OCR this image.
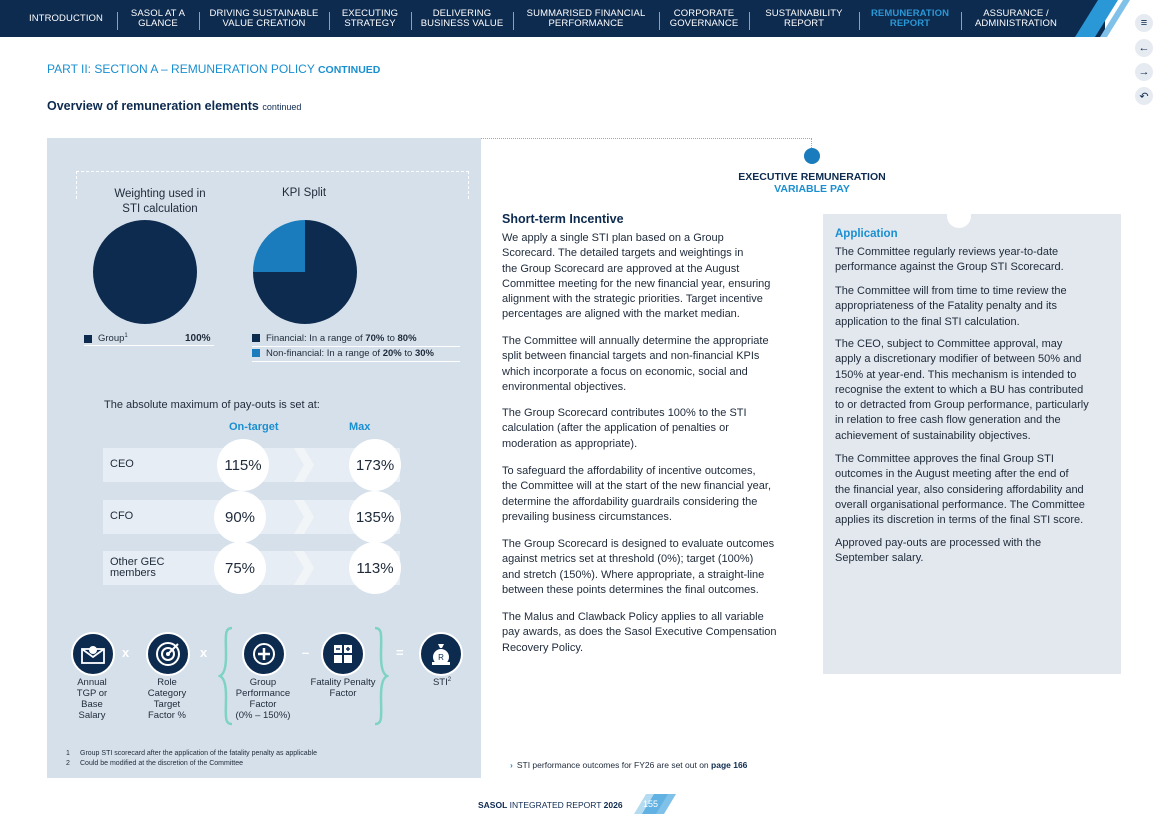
INTRODUCTION	SASOL AT A
GLANCE
DRIVING SUSTAINABLE
VALUE CREATION
EXECUTING
STRATEGY
DELIVERING
BUSINESS VALUE
SUMMARISED FINANCIAL
PERFORMANCE
CORPORATE
GOVERNANCE
SUSTAINABILITY
REPORT
REMUNERATION
REPORT
ASSURANCE /
ADMINISTRATION	≡
←
→
↶
PART II: SECTION A – REMUNERATION POLICY CONTINUED
Overview of remuneration elements continued
Weighting used in
STI calculation
KPI Split
Group$^1$	100%	Financial: In a range of 70% to 80%
Non-financial: In a range of 20% to 30%
The absolute maximum of pay-outs is set at:
On-target	Max
CEO	115%	173%
CFO	90%	135%
Other GEC
members	75%	113%
x	x	–	=	R
Annual
TGP or
Base
Salary
Role
Category
Target
Factor %
Group
Performance
Factor
(0% – 150%)
Fatality Penalty
Factor
STI$^2$
1 Group STI scorecard after the application of the fatality penalty as applicable
2 Could be modified at the discretion of the Committee
EXECUTIVE REMUNERATION
VARIABLE PAY
Short-term Incentive
We apply a single STI plan based on a Group
Scorecard. The detailed targets and weightings in
the Group Scorecard are approved at the August
Committee meeting for the new financial year, ensuring
alignment with the strategic priorities. Target incentive
percentages are aligned with the market median.
The Committee will annually determine the appropriate
split between financial targets and non-financial KPIs
which incorporate a focus on economic, social and
environmental objectives.
The Group Scorecard contributes 100% to the STI
calculation (after the application of penalties or
moderation as appropriate).
To safeguard the affordability of incentive outcomes,
the Committee will at the start of the new financial year,
determine the affordability guardrails considering the
prevailing business circumstances.
The Group Scorecard is designed to evaluate outcomes
against metrics set at threshold (0%); target (100%)
and stretch (150%). Where appropriate, a straight-line
between these points determines the final outcomes.
The Malus and Clawback Policy applies to all variable
pay awards, as does the Sasol Executive Compensation
Recovery Policy.
› STI performance outcomes for FY26 are set out on page 166
Application
The Committee regularly reviews year-to-date
performance against the Group STI Scorecard.
The Committee will from time to time review the
appropriateness of the Fatality penalty and its
application to the final STI calculation.
The CEO, subject to Committee approval, may
apply a discretionary modifier of between 50% and
150% at year-end. This mechanism is intended to
recognise the extent to which a BU has contributed
to or detracted from Group performance, particularly
in relation to free cash flow generation and the
achievement of sustainability objectives.
The Committee approves the final Group STI
outcomes in the August meeting after the end of
the financial year, also considering affordability and
overall organisational performance. The Committee
applies its discretion in terms of the final STI score.
Approved pay-outs are processed with the
September salary.
SASOL INTEGRATED REPORT 2026 155
